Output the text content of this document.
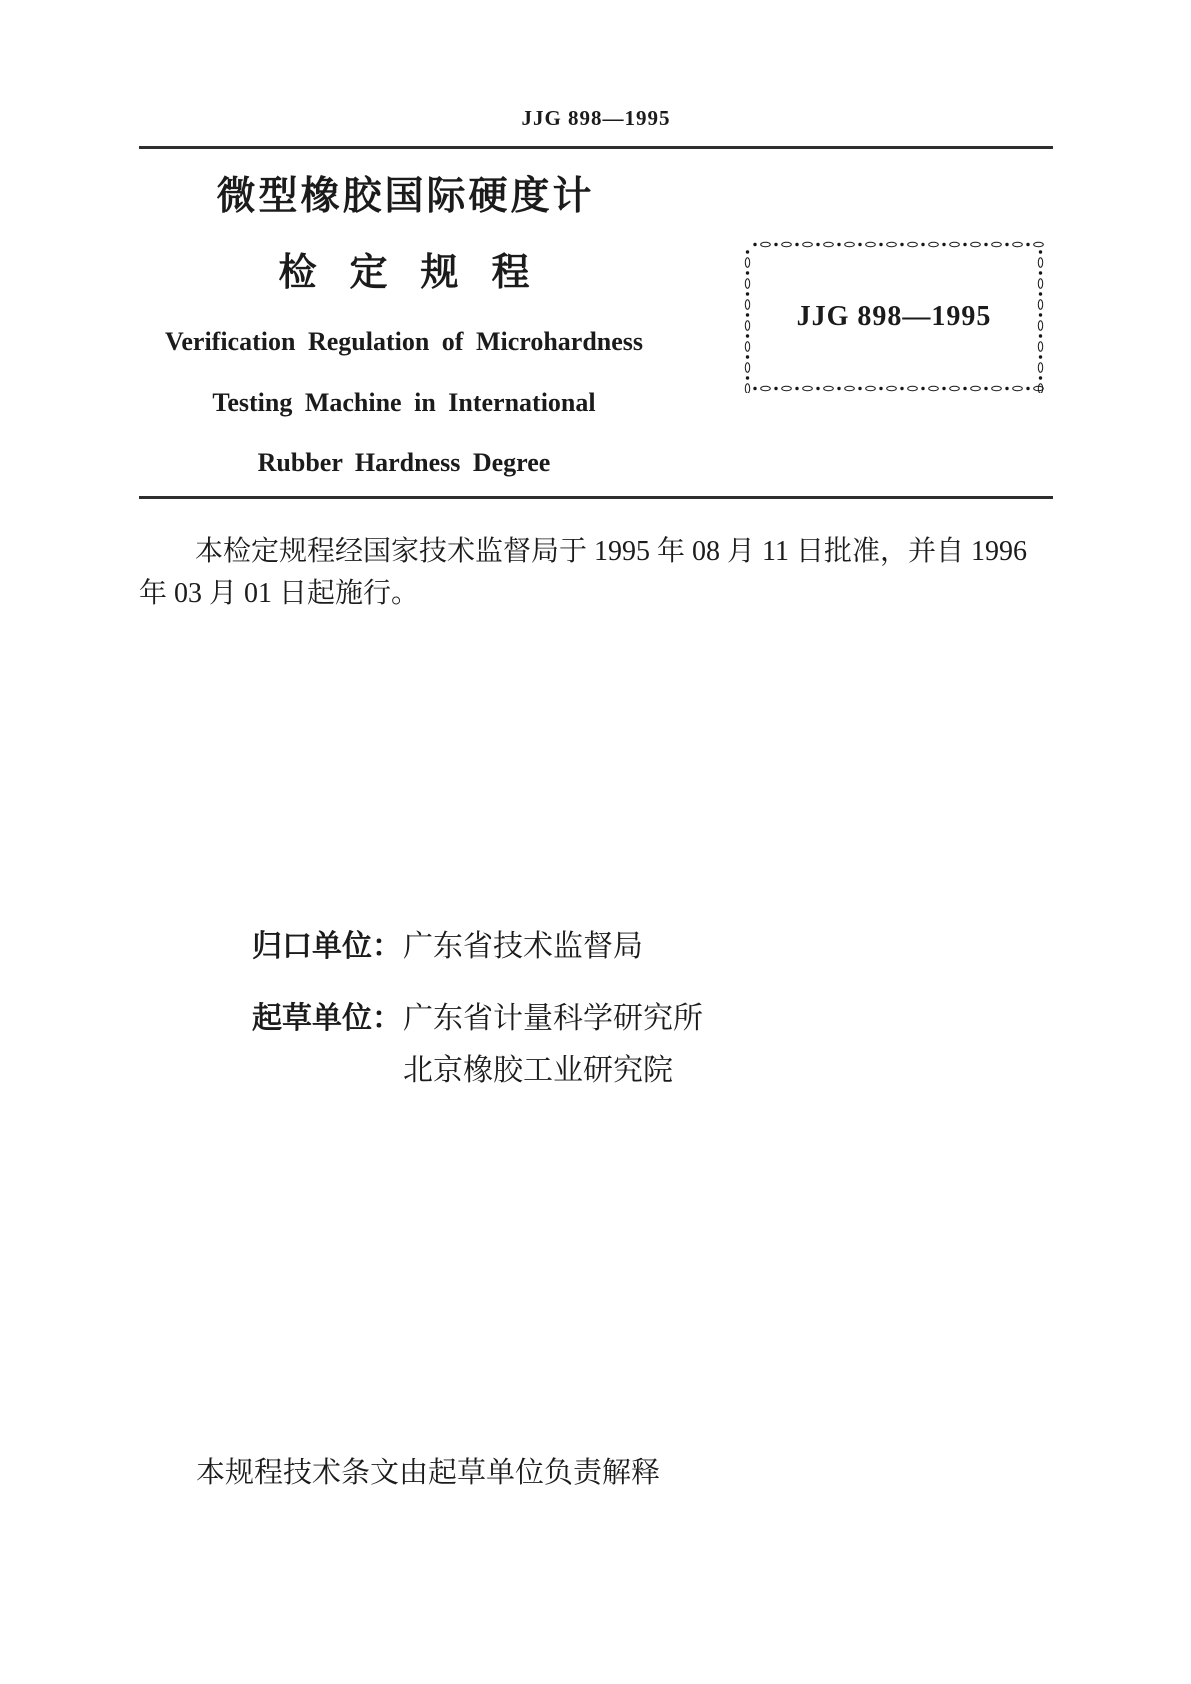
JJG 898—1995
微型橡胶国际硬度计
检定规程
Verification Regulation of Microhardness
Testing Machine in International
Rubber Hardness Degree
JJG 898—1995
本检定规程经国家技术监督局于 1995 年 08 月 11 日批准，并自 1996
年 03 月 01 日起施行。
归口单位： 广东省技术监督局
起草单位： 广东省计量科学研究所
北京橡胶工业研究院
本规程技术条文由起草单位负责解释
